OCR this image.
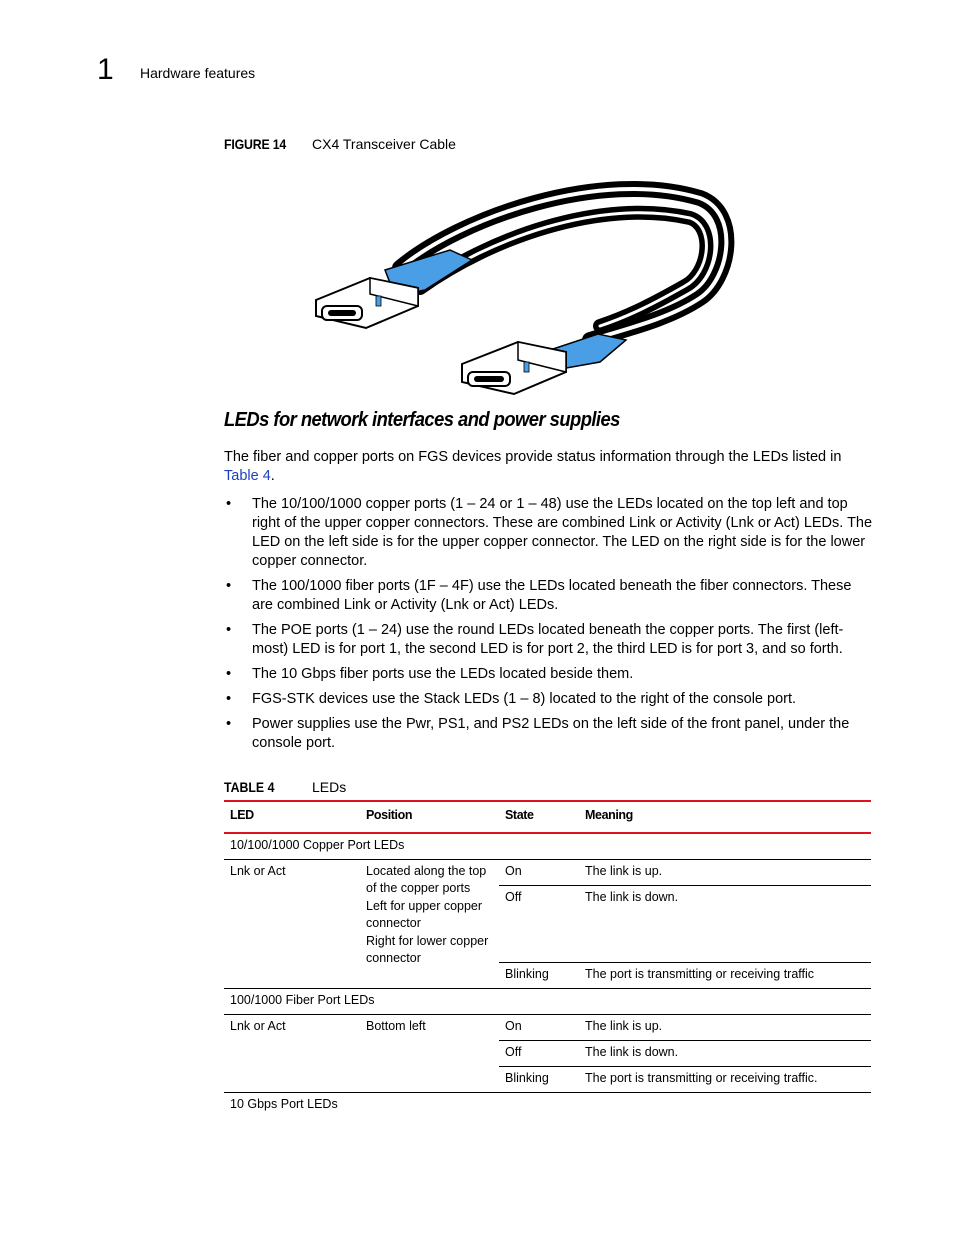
1 Hardware features
FIGURE 14 CX4 Transceiver Cable
LEDs for network interfaces and power supplies
The fiber and copper ports on FGS devices provide status information through the LEDs listed in Table 4.
• The 10/100/1000 copper ports (1 – 24 or 1 – 48) use the LEDs located on the top left and top right of the upper copper connectors. These are combined Link or Activity (Lnk or Act) LEDs. The LED on the left side is for the upper copper connector. The LED on the right side is for the lower copper connector.
• The 100/1000 fiber ports (1F – 4F) use the LEDs located beneath the fiber connectors. These are combined Link or Activity (Lnk or Act) LEDs.
• The POE ports (1 – 24) use the round LEDs located beneath the copper ports. The first (left-most) LED is for port 1, the second LED is for port 2, the third LED is for port 3, and so forth.
• The 10 Gbps fiber ports use the LEDs located beside them.
• FGS-STK devices use the Stack LEDs (1 – 8) located to the right of the console port.
• Power supplies use the Pwr, PS1, and PS2 LEDs on the left side of the front panel, under the console port.
TABLE 4	LEDs
LED	Position	State	Meaning
10/100/1000 Copper Port LEDs			
Lnk or Act	Located along the top of the copper ports
Left for upper copper connector
Right for lower copper connector	On	The link is up.
		Off	The link is down.
		Blinking	The port is transmitting or receiving traffic
100/1000 Fiber Port LEDs			
Lnk or Act	Bottom left	On	The link is up.
		Off	The link is down.
		Blinking	The port is transmitting or receiving traffic.
10 Gbps Port LEDs			
